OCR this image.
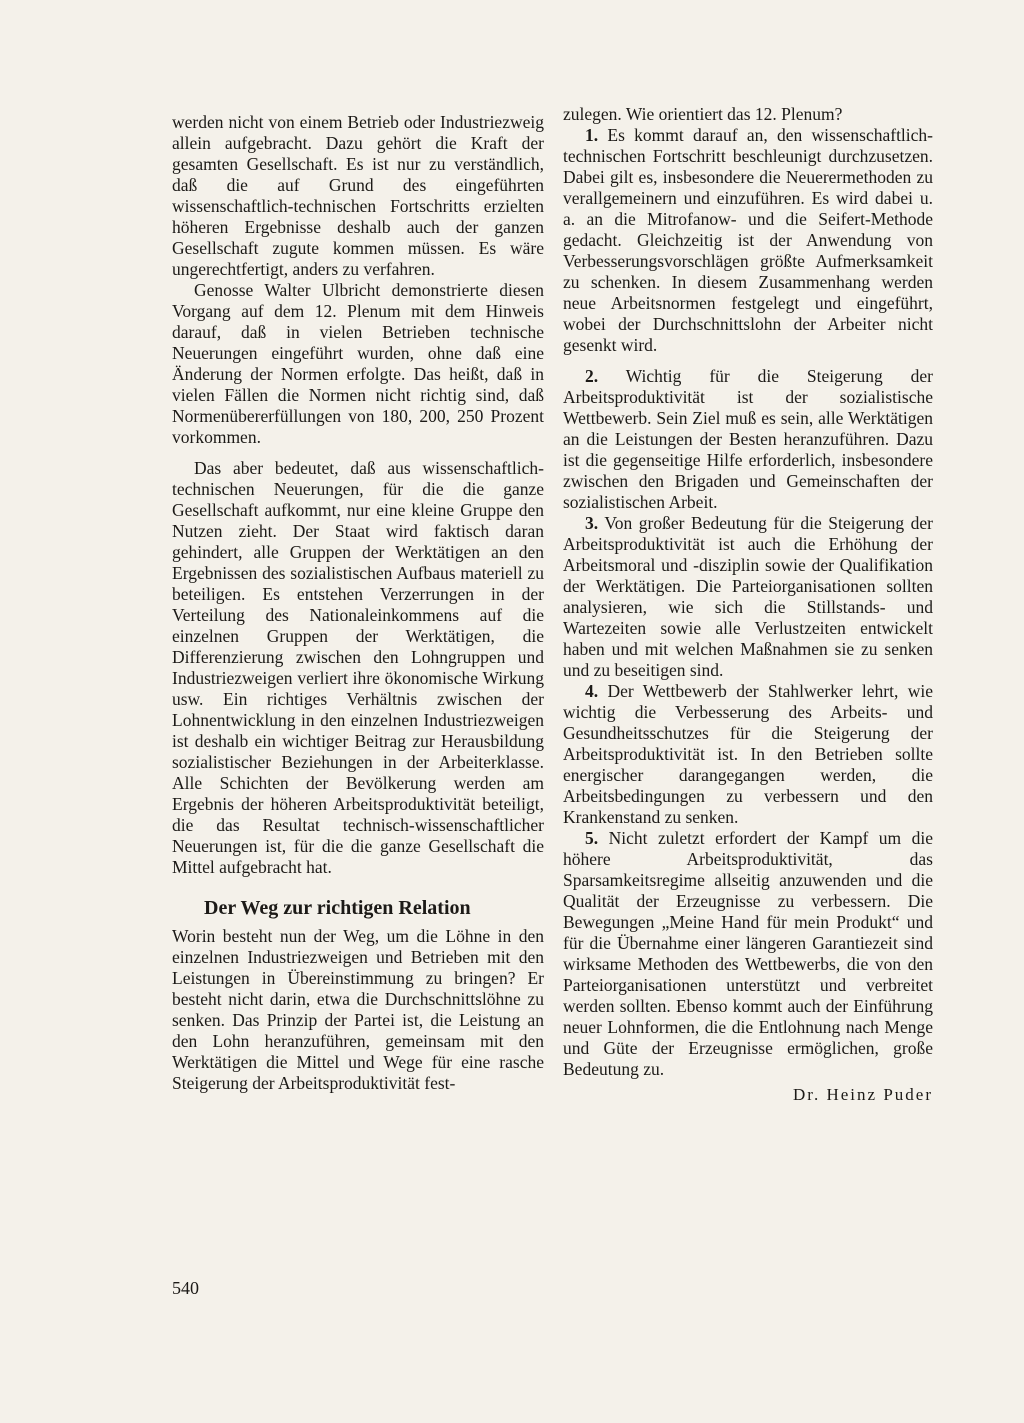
werden nicht von einem Betrieb oder Industriezweig allein aufgebracht. Dazu gehört die Kraft der gesamten Gesellschaft. Es ist nur zu verständlich, daß die auf Grund des eingeführten wissenschaftlich-technischen Fortschritts erzielten höheren Ergebnisse deshalb auch der ganzen Gesellschaft zugute kommen müssen. Es wäre ungerechtfertigt, anders zu verfahren.

Genosse Walter Ulbricht demonstrierte diesen Vorgang auf dem 12. Plenum mit dem Hinweis darauf, daß in vielen Betrieben technische Neuerungen eingeführt wurden, ohne daß eine Änderung der Normen erfolgte. Das heißt, daß in vielen Fällen die Normen nicht richtig sind, daß Normenübererfüllungen von 180, 200, 250 Prozent vorkommen.

Das aber bedeutet, daß aus wissenschaftlich-technischen Neuerungen, für die die ganze Gesellschaft aufkommt, nur eine kleine Gruppe den Nutzen zieht. Der Staat wird faktisch daran gehindert, alle Gruppen der Werktätigen an den Ergebnissen des sozialistischen Aufbaus materiell zu beteiligen. Es entstehen Verzerrungen in der Verteilung des Nationaleinkommens auf die einzelnen Gruppen der Werktätigen, die Differenzierung zwischen den Lohngruppen und Industriezweigen verliert ihre ökonomische Wirkung usw. Ein richtiges Verhältnis zwischen der Lohnentwicklung in den einzelnen Industriezweigen ist deshalb ein wichtiger Beitrag zur Herausbildung sozialistischer Beziehungen in der Arbeiterklasse. Alle Schichten der Bevölkerung werden am Ergebnis der höheren Arbeitsproduktivität beteiligt, die das Resultat technisch-wissenschaftlicher Neuerungen ist, für die die ganze Gesellschaft die Mittel aufgebracht hat.

Der Weg zur richtigen Relation

Worin besteht nun der Weg, um die Löhne in den einzelnen Industriezweigen und Betrieben mit den Leistungen in Übereinstimmung zu bringen? Er besteht nicht darin, etwa die Durchschnittslöhne zu senken. Das Prinzip der Partei ist, die Leistung an den Lohn heranzuführen, gemeinsam mit den Werktätigen die Mittel und Wege für eine rasche Steigerung der Arbeitsproduktivität fest-

zulegen. Wie orientiert das 12. Plenum?

1. Es kommt darauf an, den wissenschaftlich-technischen Fortschritt beschleunigt durchzusetzen. Dabei gilt es, insbesondere die Neuerermethoden zu verallgemeinern und einzuführen. Es wird dabei u. a. an die Mitrofanow- und die Seifert-Methode gedacht. Gleichzeitig ist der Anwendung von Verbesserungsvorschlägen größte Aufmerksamkeit zu schenken. In diesem Zusammenhang werden neue Arbeitsnormen festgelegt und eingeführt, wobei der Durchschnittslohn der Arbeiter nicht gesenkt wird.

2. Wichtig für die Steigerung der Arbeitsproduktivität ist der sozialistische Wettbewerb. Sein Ziel muß es sein, alle Werktätigen an die Leistungen der Besten heranzuführen. Dazu ist die gegenseitige Hilfe erforderlich, insbesondere zwischen den Brigaden und Gemeinschaften der sozialistischen Arbeit.

3. Von großer Bedeutung für die Steigerung der Arbeitsproduktivität ist auch die Erhöhung der Arbeitsmoral und -disziplin sowie der Qualifikation der Werktätigen. Die Parteiorganisationen sollten analysieren, wie sich die Stillstands- und Wartezeiten sowie alle Verlustzeiten entwickelt haben und mit welchen Maßnahmen sie zu senken und zu beseitigen sind.

4. Der Wettbewerb der Stahlwerker lehrt, wie wichtig die Verbesserung des Arbeits- und Gesundheitsschutzes für die Steigerung der Arbeitsproduktivität ist. In den Betrieben sollte energischer darangegangen werden, die Arbeitsbedingungen zu verbessern und den Krankenstand zu senken.

5. Nicht zuletzt erfordert der Kampf um die höhere Arbeitsproduktivität, das Sparsamkeitsregime allseitig anzuwenden und die Qualität der Erzeugnisse zu verbessern. Die Bewegungen „Meine Hand für mein Produkt“ und für die Übernahme einer längeren Garantiezeit sind wirksame Methoden des Wettbewerbs, die von den Parteiorganisationen unterstützt und verbreitet werden sollten. Ebenso kommt auch der Einführung neuer Lohnformen, die die Entlohnung nach Menge und Güte der Erzeugnisse ermöglichen, große Bedeutung zu.

Dr. Heinz Puder
540
